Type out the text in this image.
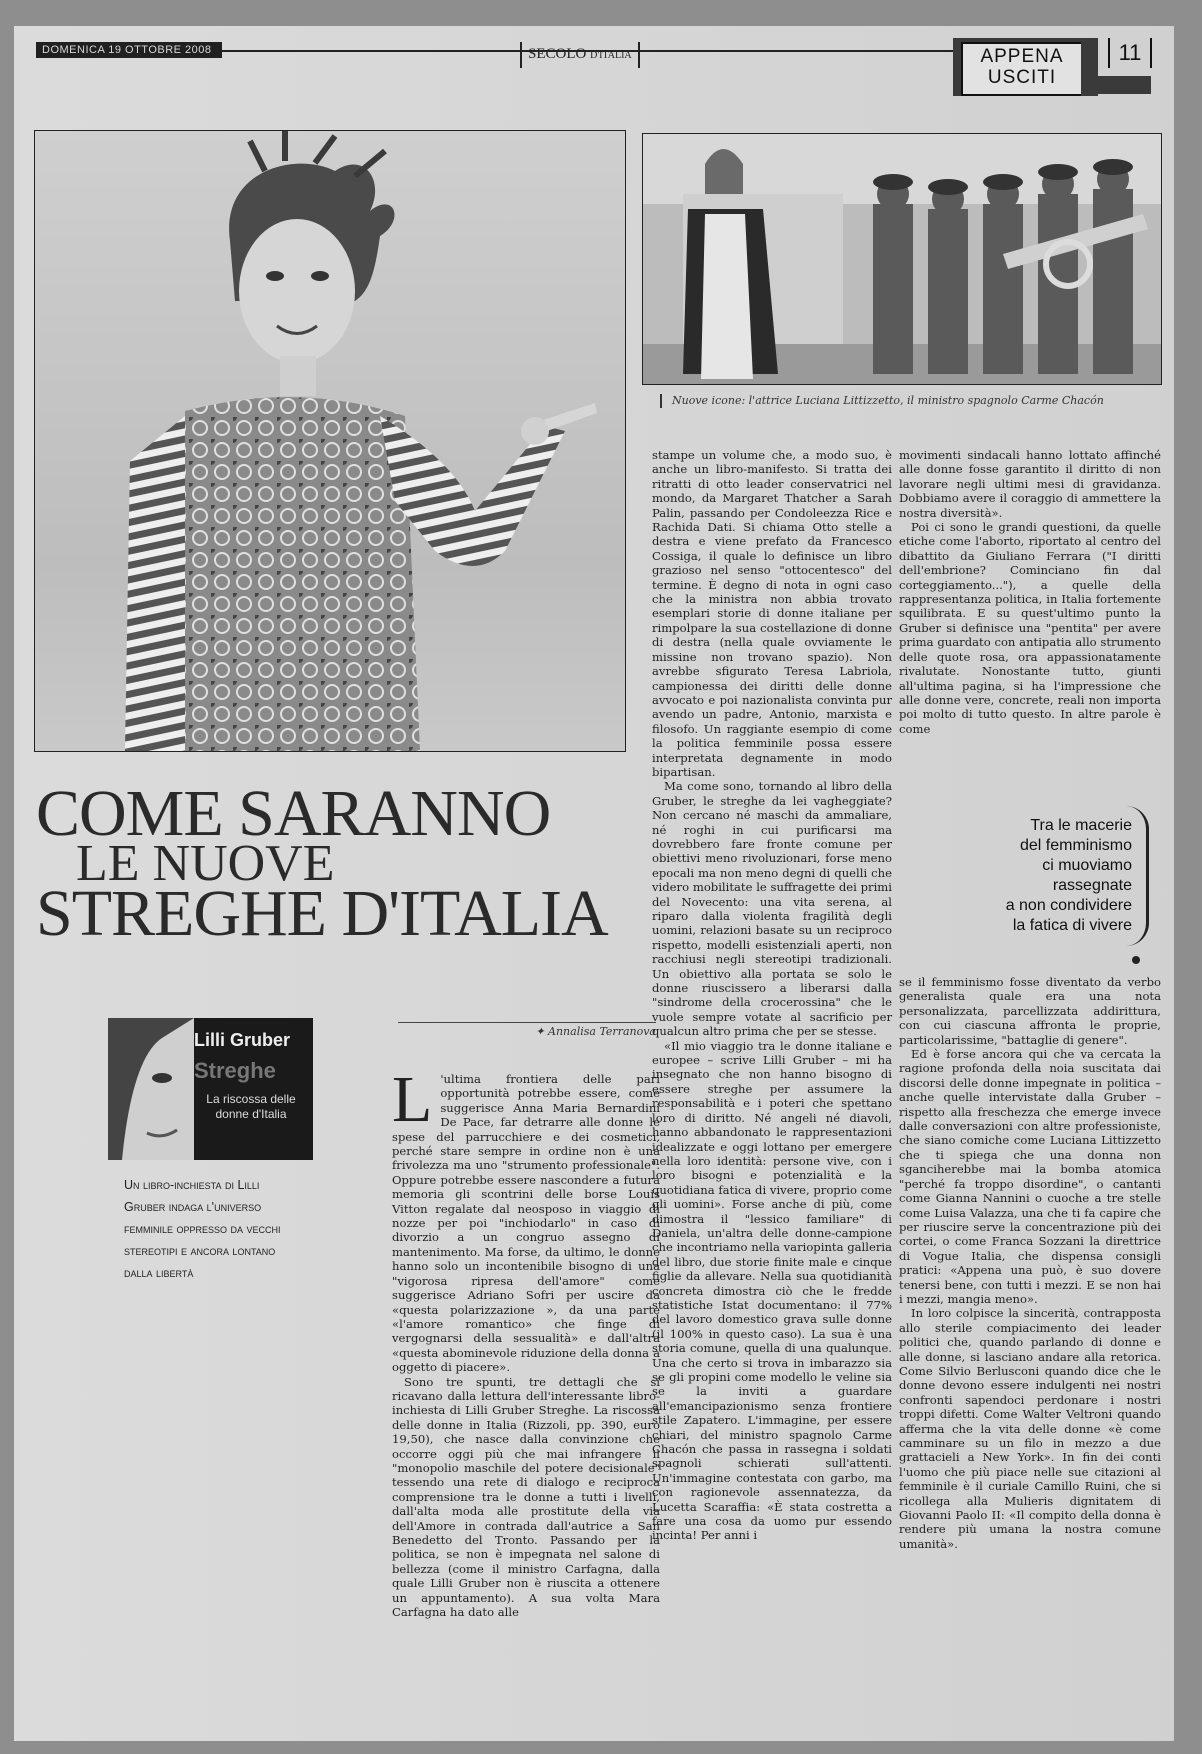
DOMENICA 19 OTTOBRE 2008	SECOLO D'ITALIA	APPENA
USCITI
11
Nuove icone: l'attrice Luciana Littizzetto, il ministro spagnolo Carme Chacón
COME SARANNO
LE NUOVE
STREGHE D'ITALIA
Lilli Gruber
Streghe
La riscossa delle donne d'Italia
Un libro-inchiesta di Lilli Gruber indaga l'universo femminile oppresso da vecchi stereotipi e ancora lontano dalla libertà
✦ Annalisa Terranova
L 'ultima frontiera delle pari opportunità potrebbe essere, come suggerisce Anna Maria Bernardini De Pace, far detrarre alle donne le spese del parrucchiere e dei cosmetici, perché stare sempre in ordine non è una frivolezza ma uno "strumento professionale". Oppure potrebbe essere nascondere a futura memoria gli scontrini delle borse Louis Vitton regalate dal neosposo in viaggio di nozze per poi "inchiodarlo" in caso di divorzio a un congruo assegno di mantenimento. Ma forse, da ultimo, le donne hanno solo un incontenibile bisogno di una "vigorosa ripresa dell'amore" come suggerisce Adriano Sofri per uscire da «questa polarizzazione », da una parte «l'amore romantico» che finge di vergognarsi della sessualità» e dall'altra «questa abominevole riduzione della donna a oggetto di piacere».

Sono tre spunti, tre dettagli che si ricavano dalla lettura dell'interessante libro-inchiesta di Lilli Gruber Streghe. La riscossa delle donne in Italia (Rizzoli, pp. 390, euro 19,50), che nasce dalla convinzione che occorre oggi più che mai infrangere il "monopolio maschile del potere decisionale" tessendo una rete di dialogo e reciproca comprensione tra le donne a tutti i livelli, dall'alta moda alle prostitute della via dell'Amore in contrada dall'autrice a San Benedetto del Tronto. Passando per la politica, se non è impegnata nel salone di bellezza (come il ministro Carfagna, dalla quale Lilli Gruber non è riuscita a ottenere un appuntamento). A sua volta Mara Carfagna ha dato alle

stampe un volume che, a modo suo, è anche un libro-manifesto. Si tratta dei ritratti di otto leader conservatrici nel mondo, da Margaret Thatcher a Sarah Palin, passando per Condoleezza Rice e Rachida Dati. Si chiama Otto stelle a destra e viene prefato da Francesco Cossiga, il quale lo definisce un libro grazioso nel senso "ottocentesco" del termine. È degno di nota in ogni caso che la ministra non abbia trovato esemplari storie di donne italiane per rimpolpare la sua costellazione di donne di destra (nella quale ovviamente le missine non trovano spazio). Non avrebbe sfigurato Teresa Labriola, campionessa dei diritti delle donne avvocato e poi nazionalista convinta pur avendo un padre, Antonio, marxista e filosofo. Un raggiante esempio di come la politica femminile possa essere interpretata degnamente in modo bipartisan.

Ma come sono, tornando al libro della Gruber, le streghe da lei vagheggiate? Non cercano né maschi da ammaliare, né roghi in cui purificarsi ma dovrebbero fare fronte comune per obiettivi meno rivoluzionari, forse meno epocali ma non meno degni di quelli che videro mobilitate le suffragette dei primi del Novecento: una vita serena, al riparo dalla violenta fragilità degli uomini, relazioni basate su un reciproco rispetto, modelli esistenziali aperti, non racchiusi negli stereotipi tradizionali. Un obiettivo alla portata se solo le donne riuscissero a liberarsi dalla "sindrome della crocerossina" che le vuole sempre votate al sacrificio per qualcun altro prima che per se stesse.

«Il mio viaggio tra le donne italiane e europee – scrive Lilli Gruber – mi ha insegnato che non hanno bisogno di essere streghe per assumere la responsabilità e i poteri che spettano loro di diritto. Né angeli né diavoli, hanno abbandonato le rappresentazioni idealizzate e oggi lottano per emergere nella loro identità: persone vive, con i loro bisogni e potenzialità e la quotidiana fatica di vivere, proprio come gli uomini». Forse anche di più, come dimostra il "lessico familiare" di Daniela, un'altra delle donne-campione che incontriamo nella variopinta galleria del libro, due storie finite male e cinque figlie da allevare. Nella sua quotidianità concreta dimostra ciò che le fredde statistiche Istat documentano: il 77% del lavoro domestico grava sulle donne (il 100% in questo caso). La sua è una storia comune, quella di una qualunque. Una che certo si trova in imbarazzo sia se gli propini come modello le veline sia se la inviti a guardare all'emancipazionismo senza frontiere stile Zapatero. L'immagine, per essere chiari, del ministro spagnolo Carme Chacón che passa in rassegna i soldati spagnoli schierati sull'attenti. Un'immagine contestata con garbo, ma con ragionevole assennatezza, da Lucetta Scaraffia: «È stata costretta a fare una cosa da uomo pur essendo incinta! Per anni i

movimenti sindacali hanno lottato affinché alle donne fosse garantito il diritto di non lavorare negli ultimi mesi di gravidanza. Dobbiamo avere il coraggio di ammettere la nostra diversità».

Poi ci sono le grandi questioni, da quelle etiche come l'aborto, riportato al centro del dibattito da Giuliano Ferrara ("I diritti dell'embrione? Cominciano fin dal corteggiamento..."), a quelle della rappresentanza politica, in Italia fortemente squilibrata. E su quest'ultimo punto la Gruber si definisce una "pentita" per avere prima guardato con antipatia allo strumento delle quote rosa, ora appassionatamente rivalutate. Nonostante tutto, giunti all'ultima pagina, si ha l'impressione che alle donne vere, concrete, reali non importa poi molto di tutto questo. In altre parole è come

Tra le macerie
del femminismo
ci muoviamo
rassegnate
a non condividere
la fatica di vivere

se il femminismo fosse diventato da verbo generalista quale era una nota personalizzata, parcellizzata addirittura, con cui ciascuna affronta le proprie, particolarissime, "battaglie di genere".

Ed è forse ancora qui che va cercata la ragione profonda della noia suscitata dai discorsi delle donne impegnate in politica – anche quelle intervistate dalla Gruber – rispetto alla freschezza che emerge invece dalle conversazioni con altre professioniste, che siano comiche come Luciana Littizzetto che ti spiega che una donna non sganciherebbe mai la bomba atomica "perché fa troppo disordine", o cantanti come Gianna Nannini o cuoche a tre stelle come Luisa Valazza, una che ti fa capire che per riuscire serve la concentrazione più dei cortei, o come Franca Sozzani la direttrice di Vogue Italia, che dispensa consigli pratici: «Appena una può, è suo dovere tenersi bene, con tutti i mezzi. E se non hai i mezzi, mangia meno».

In loro colpisce la sincerità, contrapposta allo sterile compiacimento dei leader politici che, quando parlando di donne e alle donne, si lasciano andare alla retorica. Come Silvio Berlusconi quando dice che le donne devono essere indulgenti nei nostri confronti sapendoci perdonare i nostri troppi difetti. Come Walter Veltroni quando afferma che la vita delle donne «è come camminare su un filo in mezzo a due grattacieli a New York». In fin dei conti l'uomo che più piace nelle sue citazioni al femminile è il curiale Camillo Ruini, che si ricollega alla Mulieris dignitatem di Giovanni Paolo II: «Il compito della donna è rendere più umana la nostra comune umanità».
